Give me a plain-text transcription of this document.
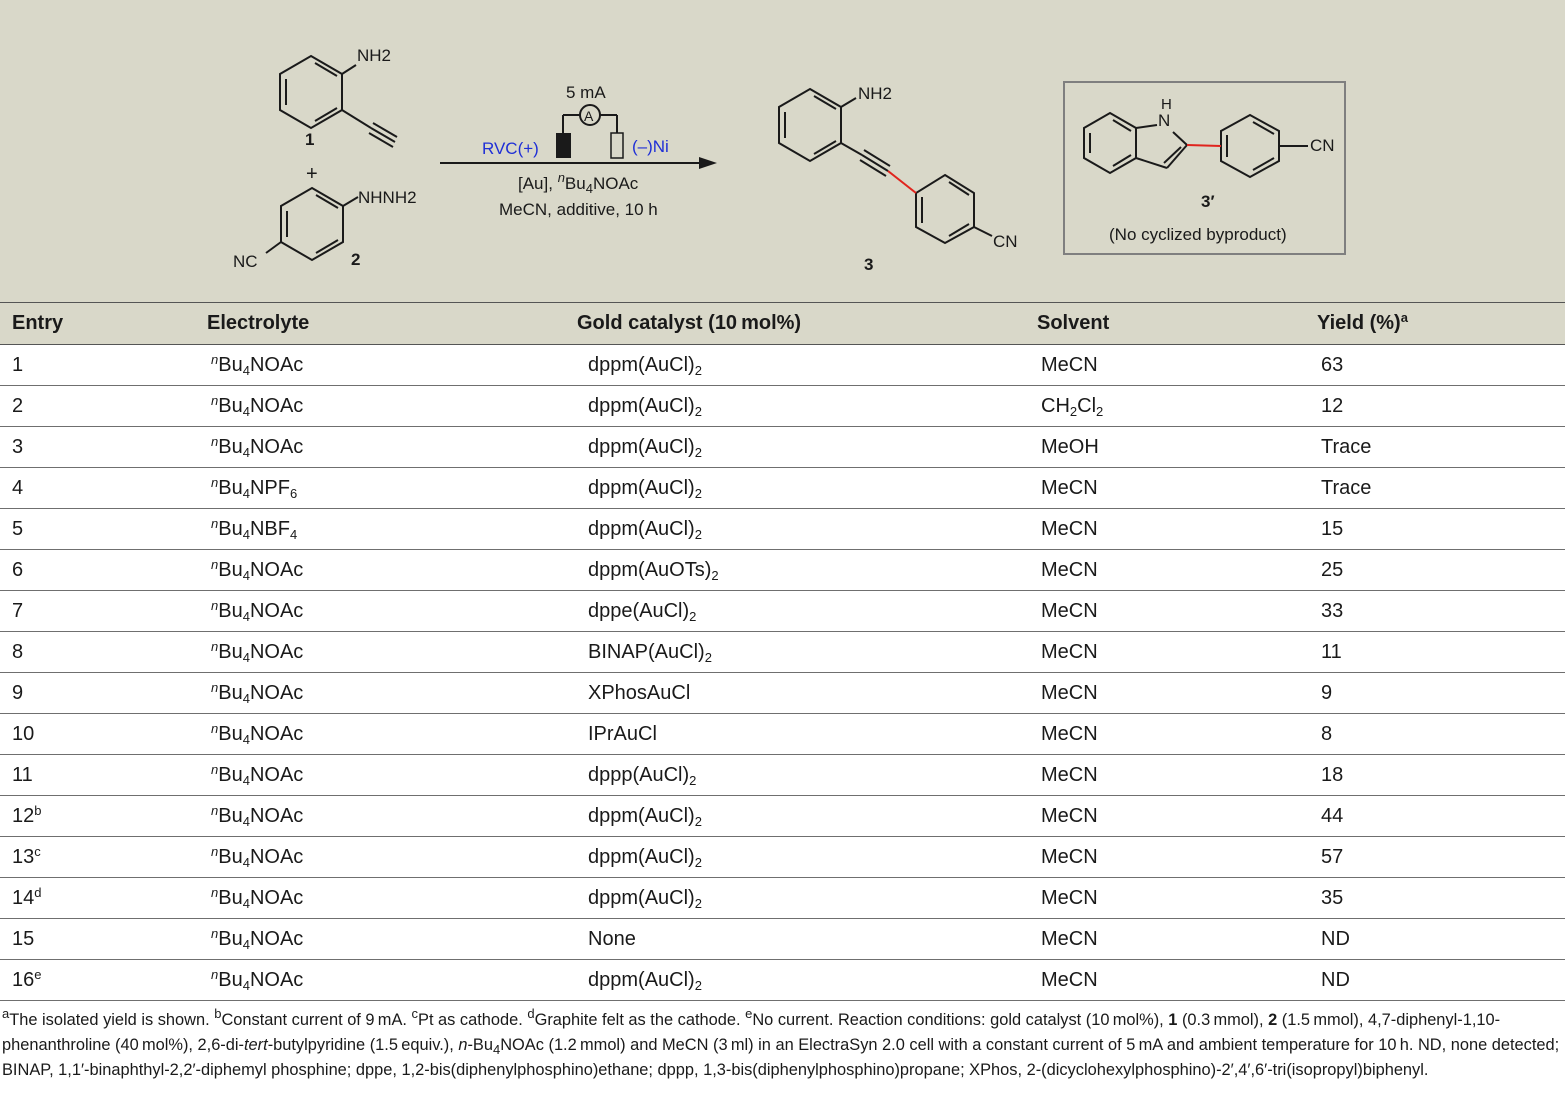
NH2
1
+
NHNH2
NC	2
5 mA
A
RVC(+)	(–)Ni
[Au], $^nBu_4NOAc$
MeCN, additive, 10 h
NH2
CN
3
H
N
CN
3′
(No cyclized byproduct)
Entry	Electrolyte	Gold catalyst (10 mol%)	Solvent	Yield (%)$^a$
1	$^nBu_4NOAc$	$dppm(AuCl)_2$	MeCN	63
2	$^nBu_4NOAc$	$dppm(AuCl)_2$	$CH_2Cl_2$	12
3	$^nBu_4NOAc$	$dppm(AuCl)_2$	MeOH	Trace
4	$^nBu_4NPF_6$	$dppm(AuCl)_2$	MeCN	Trace
5	$^nBu_4NBF_4$	$dppm(AuCl)_2$	MeCN	15
6	$^nBu_4NOAc$	$dppm(AuOTs)_2$	MeCN	25
7	$^nBu_4NOAc$	$dppe(AuCl)_2$	MeCN	33
8	$^nBu_4NOAc$	$BINAP(AuCl)_2$	MeCN	11
9	$^nBu_4NOAc$	XPhosAuCl	MeCN	9
10	$^nBu_4NOAc$	IPrAuCl	MeCN	8
11	$^nBu_4NOAc$	$dppp(AuCl)_2$	MeCN	18
12$^b$	$^nBu_4NOAc$	$dppm(AuCl)_2$	MeCN	44
13$^c$	$^nBu_4NOAc$	$dppm(AuCl)_2$	MeCN	57
14$^d$	$^nBu_4NOAc$	$dppm(AuCl)_2$	MeCN	35
15	$^nBu_4NOAc$	None	MeCN	ND
16e	$^nBu_4NOAc$	$dppm(AuCl)_2$	MeCN	ND
$^a$The isolated yield is shown. $^b$Constant current of 9 mA. $^c$Pt as cathode. $^d$Graphite felt as the cathode. $^e$No current. Reaction conditions: gold catalyst (10 mol%), 1 (0.3 mmol), 2 (1.5 mmol), 4,7-diphenyl-1,10-phenanthroline (40 mol%), 2,6-di-tert-butylpyridine (1.5 equiv.), $n-Bu_4NOAc$ (1.2 mmol) and MeCN (3 ml) in an ElectraSyn 2.0 cell with a constant current of 5 mA and ambient temperature for 10 h. ND, none detected; BINAP, 1,1′-binaphthyl-2,2′-diphemyl phosphine; dppe, 1,2-bis(diphenylphosphino)ethane; dppp, 1,3-bis(diphenylphosphino)propane; XPhos, 2-(dicyclohexylphosphino)-2′,4′,6′-tri(isopropyl)biphenyl.
